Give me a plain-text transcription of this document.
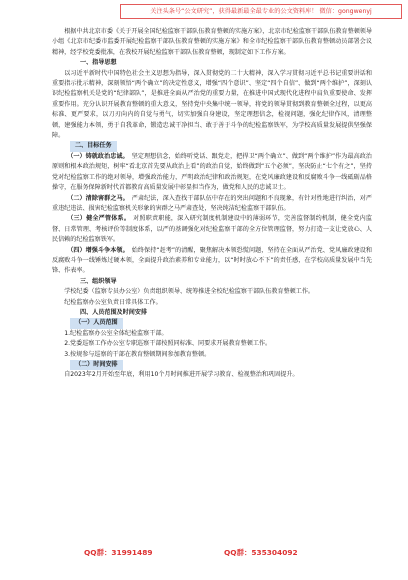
关注头条号“公文研究”，获得最新最全最专业的公文资料库！ 微信：gongwenyj

根据中共北京市委《关于开展全国纪检监察干部队伍教育整顿的实施方案》，北京市纪检监察干部队伍教育整顿领导小组《北京市纪委市监委开展纪检监察干部队伍教育整顿的实施方案》和全市纪检监察干部队伍教育整顿动员部署会议精神，经学校党委批准，在我校开展纪检监察干部队伍教育整顿，现制定如下工作方案。

一、指导思想

以习近平新时代中国特色社会主义思想为指导，深入贯彻党的二十大精神，深入学习贯彻习近平总书记重要讲话和重要指示批示精神，深刻领悟“两个确立”的决定性意义，增强“四个意识”、坚定“四个自信”、做到“两个维护”，深刻认识纪检监察机关是党的“纪律部队”，是推进全面从严治党的重要力量，在推进中国式现代化进程中肩负重要使命、发挥重要作用。充分认识开展教育整顿的重大意义，坚持党中央集中统一领导，将党的领导贯彻到教育整顿全过程，以更高标准、更严要求，以刀刃向内的自觉与勇气，切实加强自身建设，坚定理想信念，检视问题，强化纪律作风，清理整顿，建强能力本领，勇于自我革命，锻造忠诚干净担当、敢于善于斗争的纪检监察铁军，为学校高质量发展提供坚强保障。

二、目标任务

（一）铸就政治忠诚。 坚定理想信念，始终听党话、跟党走，把捍卫“两个确立”、做到“两个维护”作为最高政治原则和根本政治规矩，树牢“看北京首先要从政治上看”的政治自觉，始终做到“五个必须”，坚决防止“七个有之”，坚持党对纪检监察工作的绝对领导，增强政治能力，严明政治纪律和政治规矩，在党风廉政建设和反腐败斗争一线砥砺品格操守，在服务保障新时代首都教育高质量发展中彰显担当作为，做党和人民的忠诚卫士。

（二）清除害群之马。 严肃纪法，深入查找干部队伍中存在的突出问题和不良现象，有针对性地进行纠治，对严重违纪违法、损害纪检监察机关形象的害群之马严肃查处，坚决纯洁纪检监察干部队伍。

（三）健全严管体系。 对照职责职能，深入研究制度机制建设中的薄弱环节，完善监督制约机制，健全党内监督、日常管理、考核评价等制度体系，以严的基调强化对纪检监察干部的全方位管理监督，努力打造一支让党放心、人民信赖的纪检监察铁军。

（四）增强斗争本领。 始终保持“赶考”的清醒，聚焦解决本领恐慌问题，坚持在全面从严治党、党风廉政建设和反腐败斗争一线锤炼过硬本领，全面提升政治素养和专业能力，以“时时放心不下”的责任感，在学校高质量发展中当先锋、作表率。

三、组织领导

学校纪委（监察专员办公室）负责组织领导、统筹推进全校纪检监察干部队伍教育整顿工作。

纪检监察办公室负责日常具体工作。

四、人员范围及时间安排

（一）人员范围

1.纪检监察办公室全体纪检监察干部。

2.党委巡察工作办公室专职巡察干部按照同标准、同要求开展教育整顿工作。

3.按规参与巡察的干部在教育整顿期间参加教育整顿。

（二）时间安排

自2023年2月开始至年底，利用10个月时间推进开展学习教育、检视整治和巩固提升。

QQ群：31991489	QQ群：535304092
